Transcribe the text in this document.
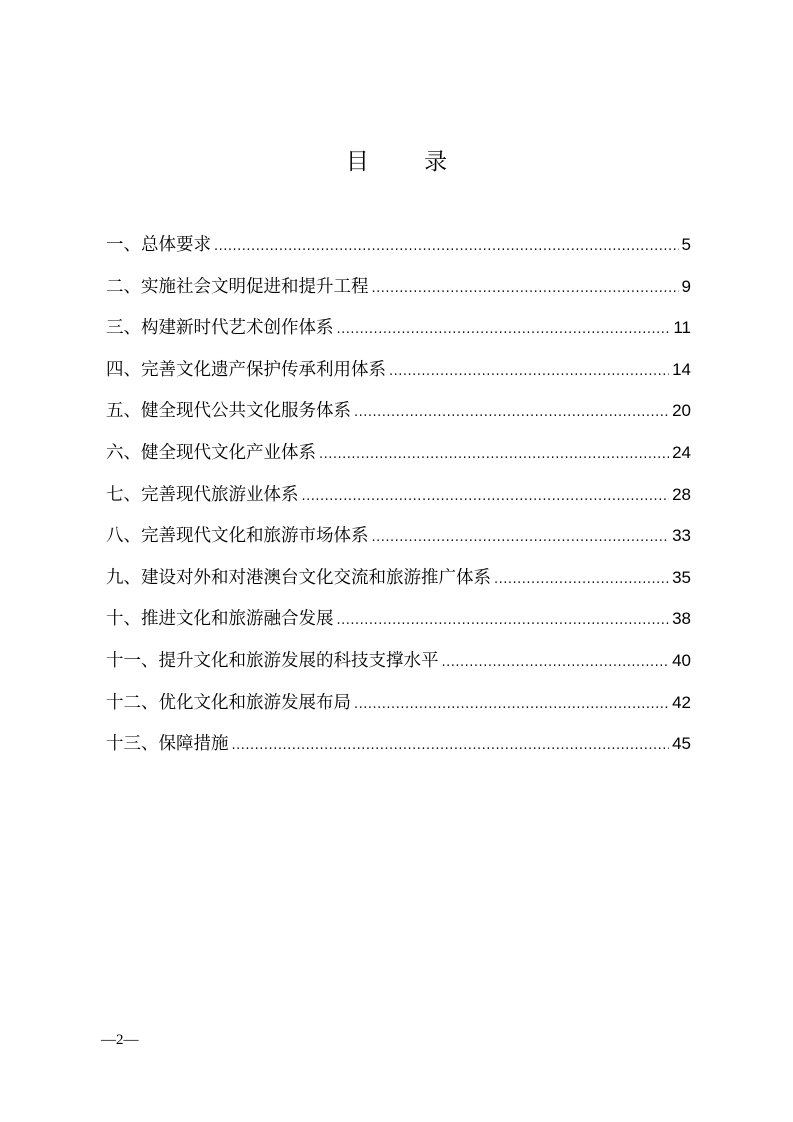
目 录
一、总体要求 .....	5
二、实施社会文明促进和提升工程 .....	9
三、构建新时代艺术创作体系 .....	11
四、完善文化遗产保护传承利用体系 .....	14
五、健全现代公共文化服务体系 .....	20
六、健全现代文化产业体系 .....	24
七、完善现代旅游业体系 .....	28
八、完善现代文化和旅游市场体系 .....	33
九、建设对外和对港澳台文化交流和旅游推广体系 .....	35
十、推进文化和旅游融合发展 .....	38
十一、提升文化和旅游发展的科技支撑水平 .....	40
十二、优化文化和旅游发展布局 .....	42
十三、保障措施 .....	45
—2—
